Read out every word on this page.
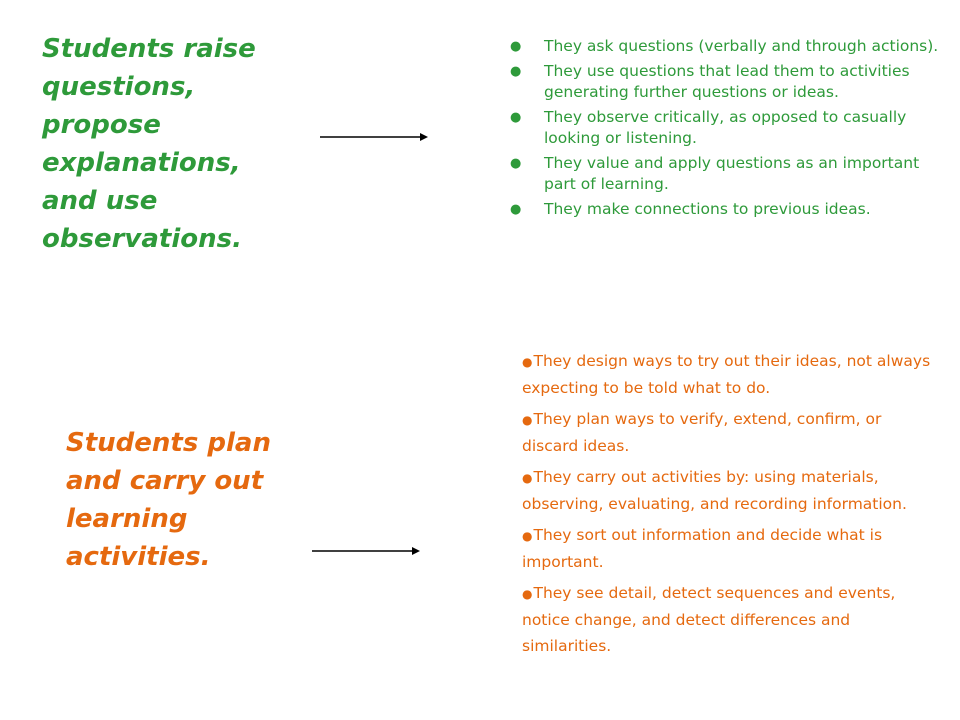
Students raise questions, propose explanations, and use observations.
● They ask questions (verbally and through actions).
● They use questions that lead them to activities generating further questions or ideas.
● They observe critically, as opposed to casually looking or listening.
● They value and apply questions as an important part of learning.
● They make connections to previous ideas.
Students plan and carry out learning activities.

●They design ways to try out their ideas, not always expecting to be told what to do.

●They plan ways to verify, extend, confirm, or discard ideas.

●They carry out activities by: using materials, observing, evaluating, and recording information.

●They sort out information and decide what is important.

●They see detail, detect sequences and events, notice change, and detect differences and similarities.
